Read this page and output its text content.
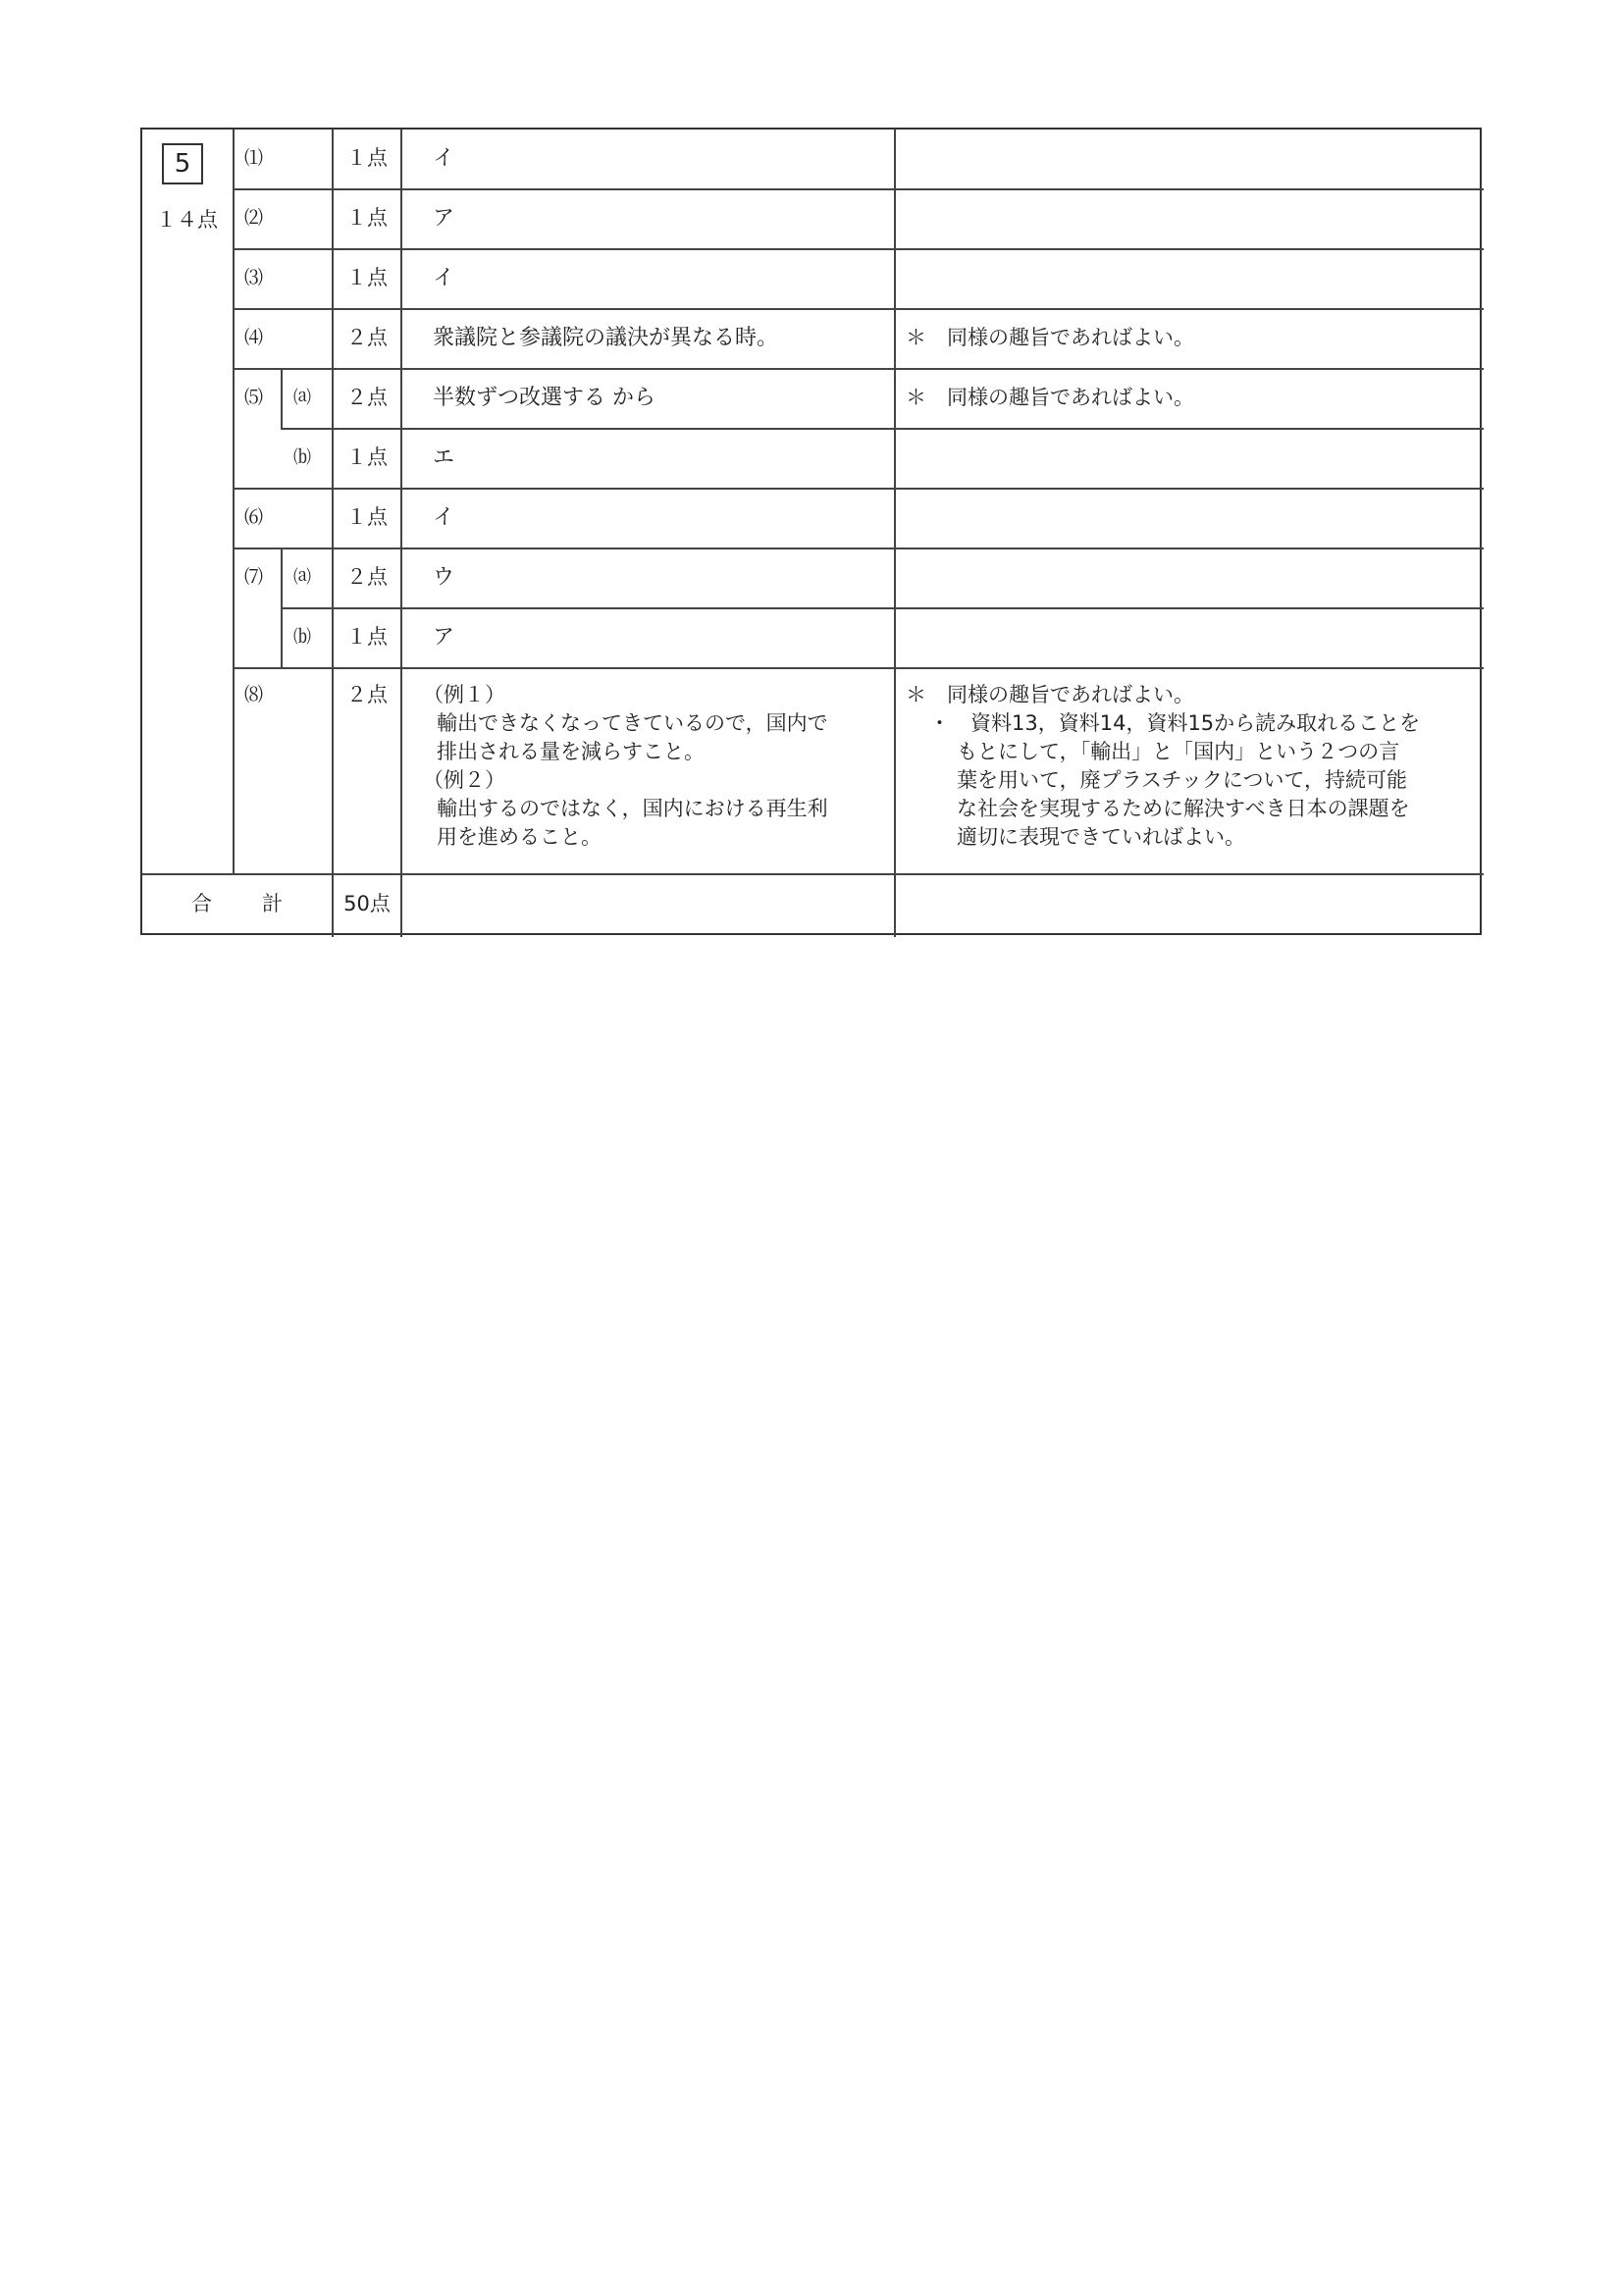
5
１４点
⑴	１点	イ
⑵	１点	ア
⑶	１点	イ
⑷	２点	衆議院と参議院の議決が異なる時。	＊　同様の趣旨であればよい。
⑸ ⒜	２点	半数ずつ改選する から	＊　同様の趣旨であればよい。
⒝	１点	エ
⑹	１点	イ
⑺ ⒜	２点	ウ
⒝	１点	ア
⑻	２点	（例１）
輸出できなくなってきているので，国内で
排出される量を減らすこと。
（例２）
輸出するのではなく，国内における再生利
用を進めること。
＊　同様の趣旨であればよい。
・　資料13，資料14，資料15から読み取れることを
もとにして，「輸出」と「国内」という２つの言
葉を用いて，廃プラスチックについて，持続可能
な社会を実現するために解決すべき日本の課題を
適切に表現できていればよい。
合 計	50点
